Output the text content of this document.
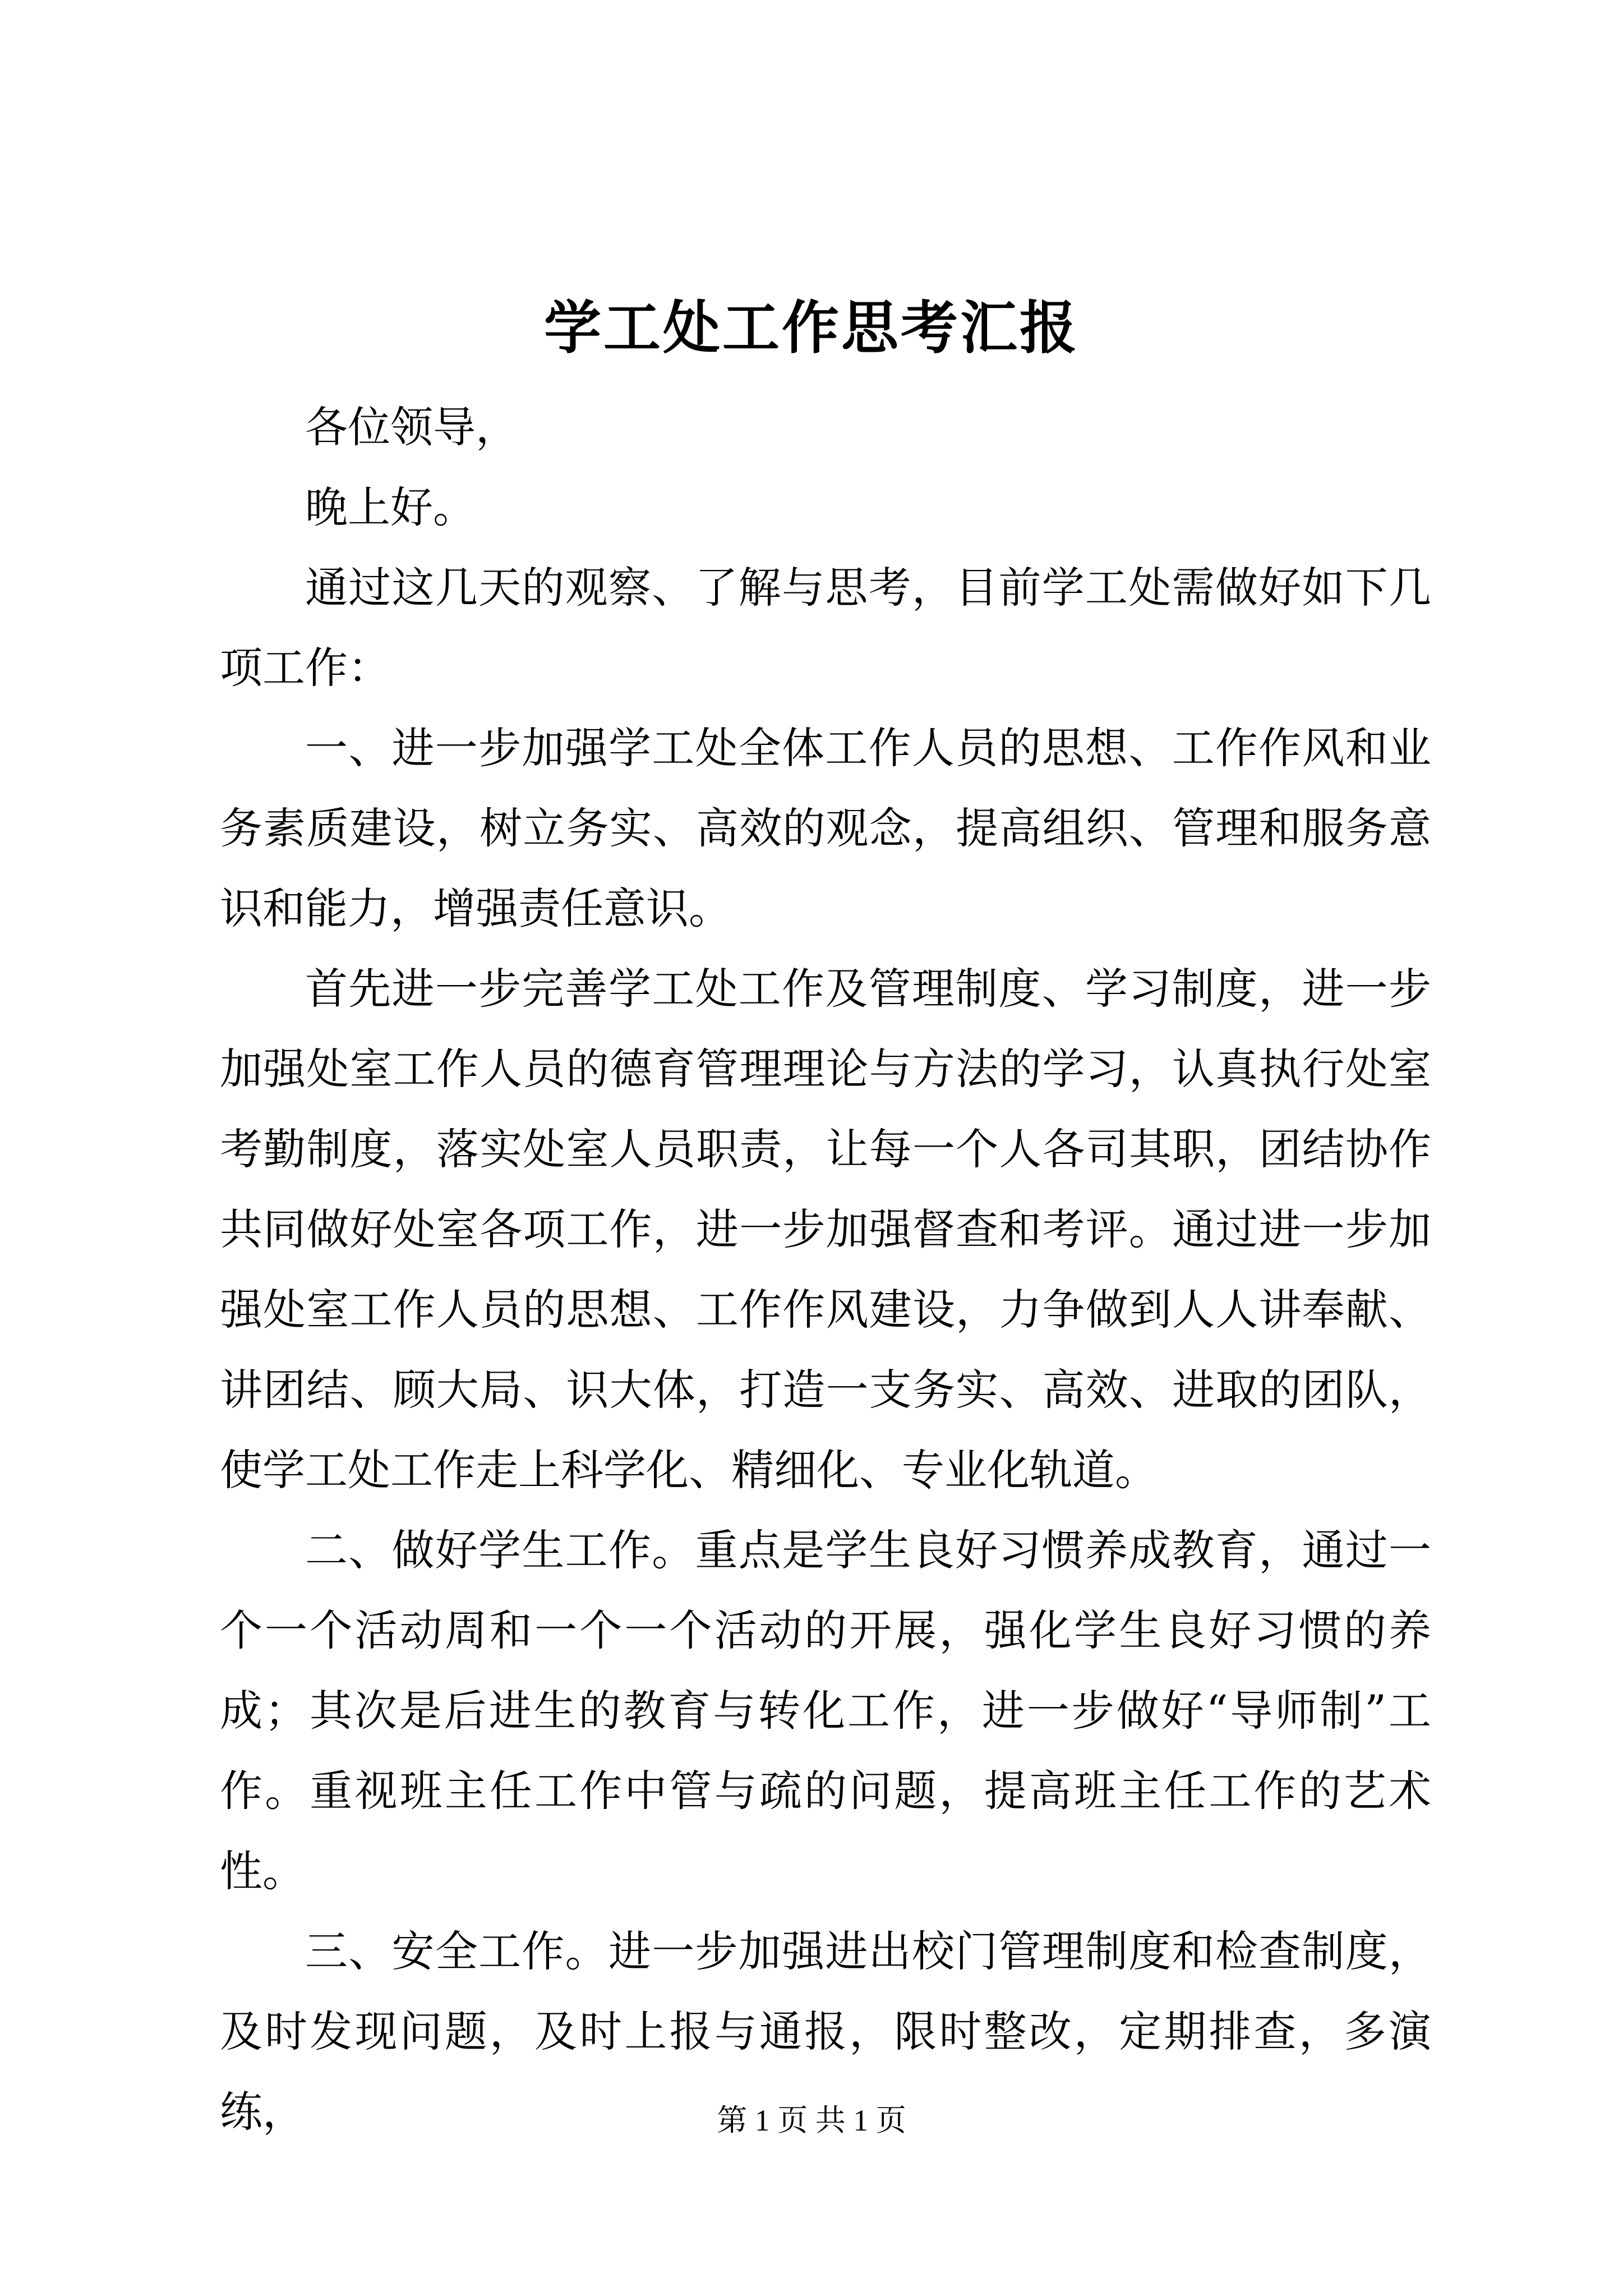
学工处工作思考汇报

各位领导，

晚上好。

通过这几天的观察、了解与思考，目前学工处需做好如下几项工作：

一、进一步加强学工处全体工作人员的思想、工作作风和业务素质建设，树立务实、高效的观念，提高组织、管理和服务意识和能力，增强责任意识。

首先进一步完善学工处工作及管理制度、学习制度，进一步加强处室工作人员的德育管理理论与方法的学习，认真执行处室考勤制度，落实处室人员职责，让每一个人各司其职，团结协作共同做好处室各项工作，进一步加强督查和考评。通过进一步加强处室工作人员的思想、工作作风建设，力争做到人人讲奉献、讲团结、顾大局、识大体，打造一支务实、高效、进取的团队，使学工处工作走上科学化、精细化、专业化轨道。

二、做好学生工作。重点是学生良好习惯养成教育，通过一个一个活动周和一个一个活动的开展，强化学生良好习惯的养成；其次是后进生的教育与转化工作，进一步做好“导师制”工作。重视班主任工作中管与疏的问题，提高班主任工作的艺术性。

三、安全工作。进一步加强进出校门管理制度和检查制度，及时发现问题，及时上报与通报，限时整改，定期排查，多演练，	第 1 页 共 1 页
